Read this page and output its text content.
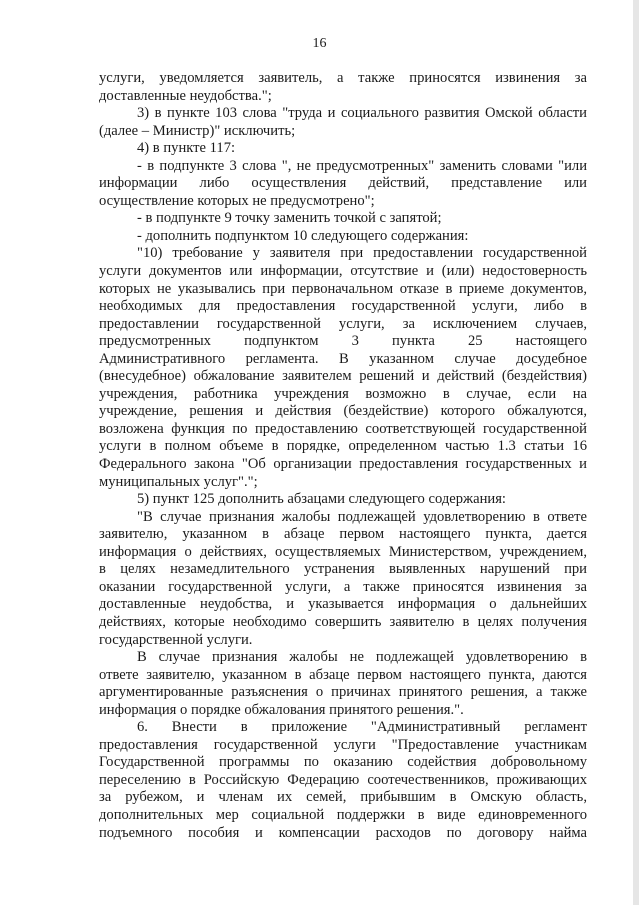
16
услуги, уведомляется заявитель, а также приносятся извинения за
доставленные неудобства.";
3) в пункте 103 слова "труда и социального развития Омской области
(далее – Министр)" исключить;
4) в пункте 117:
- в подпункте 3 слова ", не предусмотренных" заменить словами "или
информации либо осуществления действий, представление или
осуществление которых не предусмотрено";
- в подпункте 9 точку заменить точкой с запятой;
- дополнить подпунктом 10 следующего содержания:
"10) требование у заявителя при предоставлении государственной
услуги документов или информации, отсутствие и (или) недостоверность
которых не указывались при первоначальном отказе в приеме документов,
необходимых для предоставления государственной услуги, либо в
предоставлении государственной услуги, за исключением случаев,
предусмотренных подпунктом 3 пункта 25 настоящего
Административного регламента. В указанном случае досудебное
(внесудебное) обжалование заявителем решений и действий (бездействия)
учреждения, работника учреждения возможно в случае, если на
учреждение, решения и действия (бездействие) которого обжалуются,
возложена функция по предоставлению соответствующей государственной
услуги в полном объеме в порядке, определенном частью 1.3 статьи 16
Федерального закона "Об организации предоставления государственных и
муниципальных услуг".";
5) пункт 125 дополнить абзацами следующего содержания:
"В случае признания жалобы подлежащей удовлетворению в ответе
заявителю, указанном в абзаце первом настоящего пункта, дается
информация о действиях, осуществляемых Министерством, учреждением,
в целях незамедлительного устранения выявленных нарушений при
оказании государственной услуги, а также приносятся извинения за
доставленные неудобства, и указывается информация о дальнейших
действиях, которые необходимо совершить заявителю в целях получения
государственной услуги.
В случае признания жалобы не подлежащей удовлетворению в
ответе заявителю, указанном в абзаце первом настоящего пункта, даются
аргументированные разъяснения о причинах принятого решения, а также
информация о порядке обжалования принятого решения.".
6. Внести в приложение "Административный регламент
предоставления государственной услуги "Предоставление участникам
Государственной программы по оказанию содействия добровольному
переселению в Российскую Федерацию соотечественников, проживающих
за рубежом, и членам их семей, прибывшим в Омскую область,
дополнительных мер социальной поддержки в виде единовременного
подъемного пособия и компенсации расходов по договору найма
